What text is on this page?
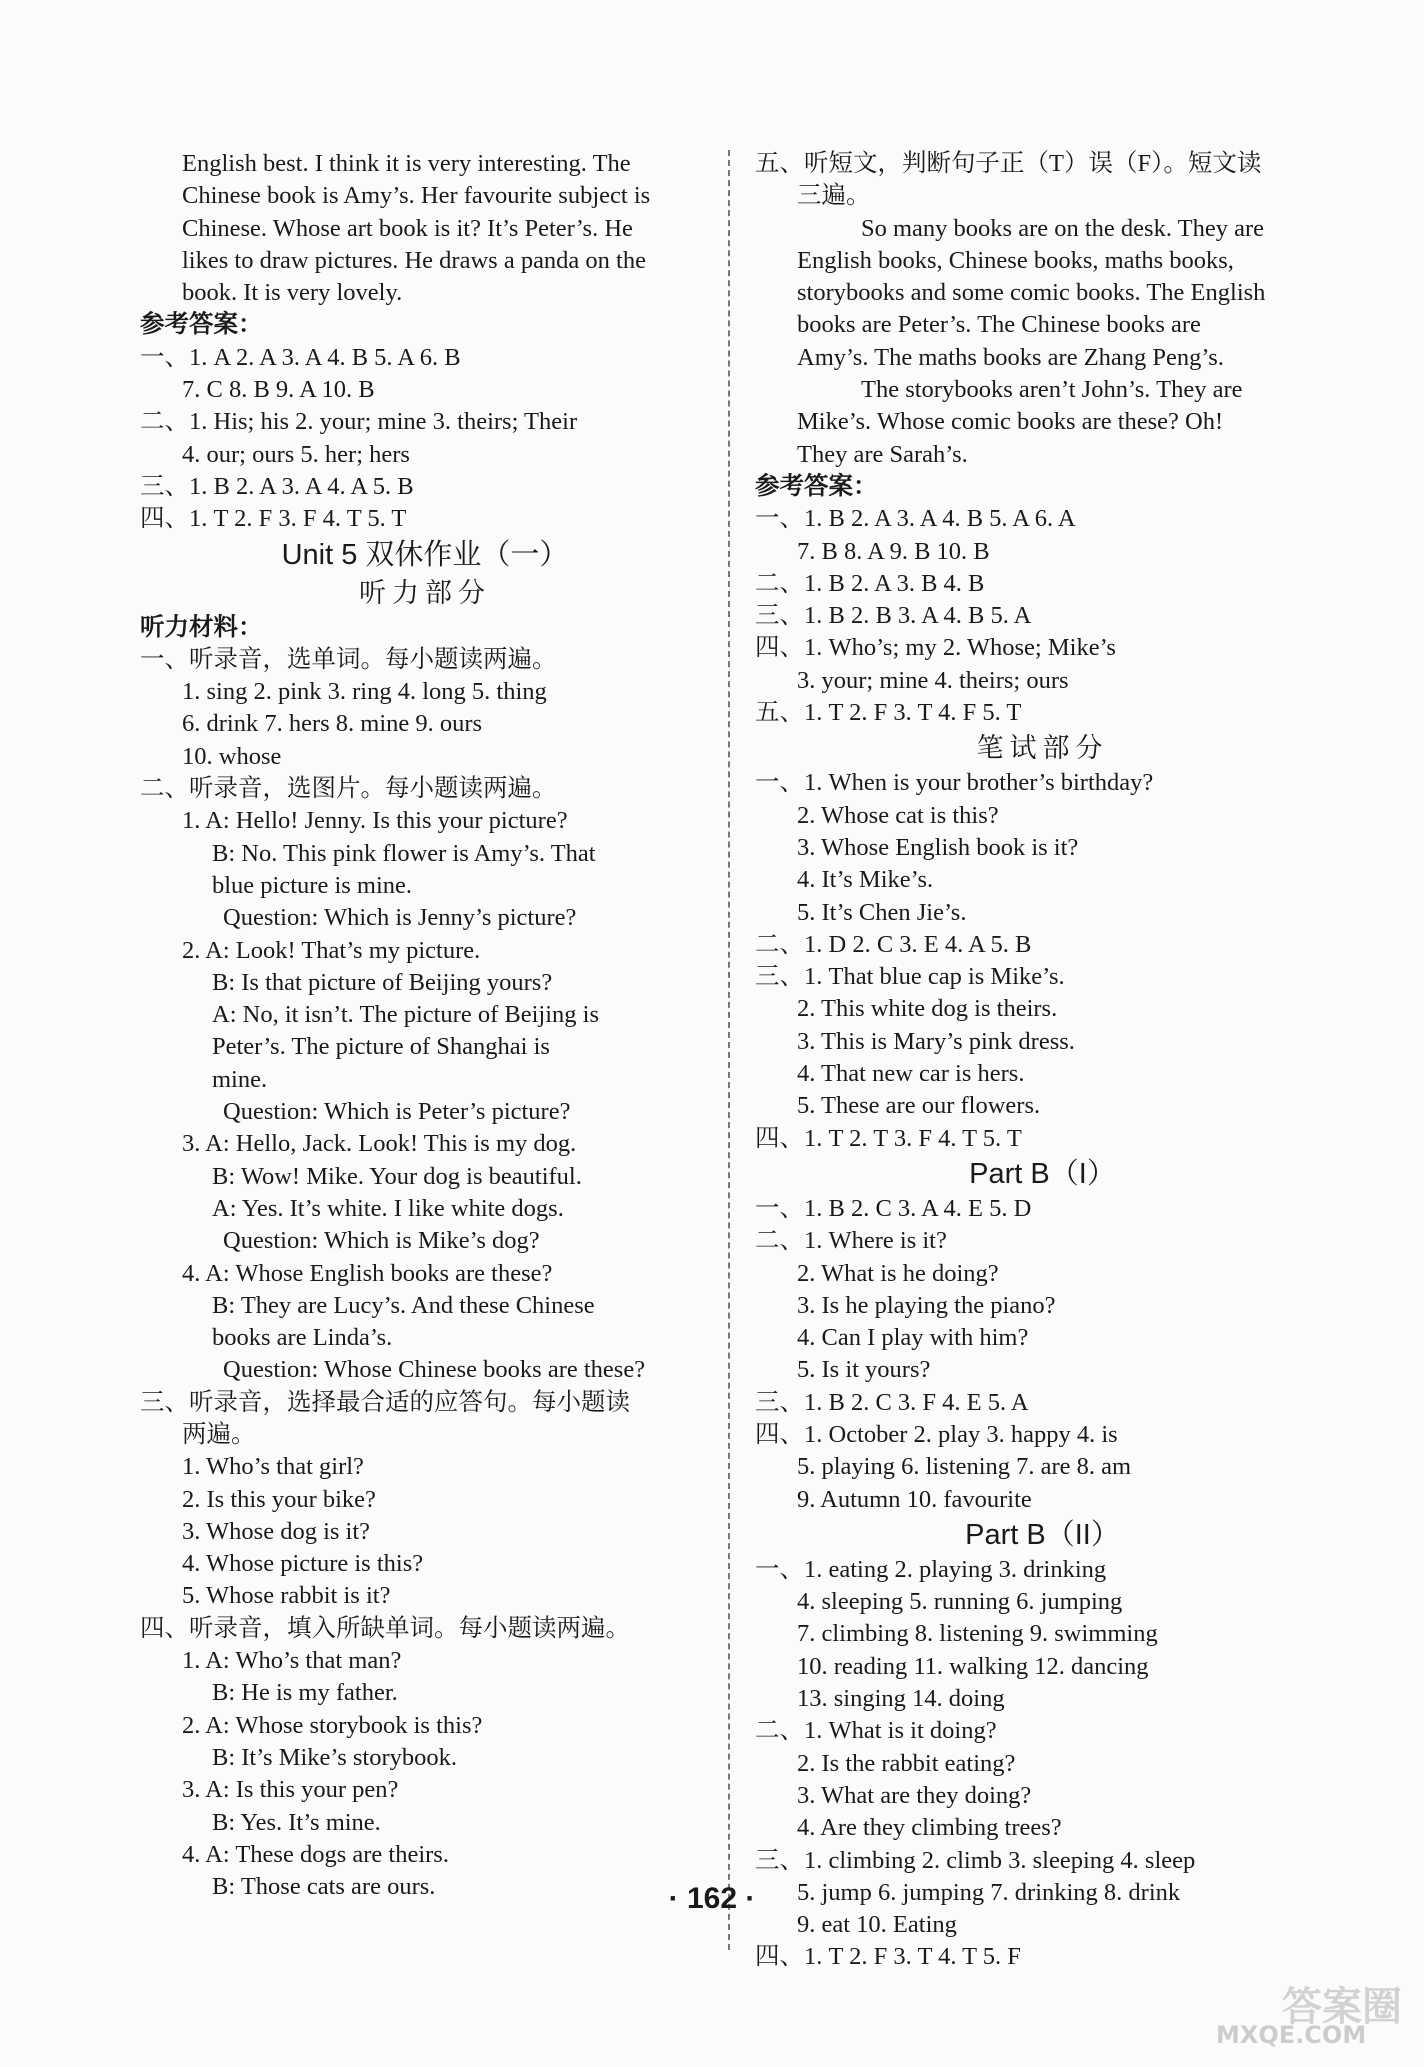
English best. I think it is very interesting. The
Chinese book is Amy’s. Her favourite subject is
Chinese. Whose art book is it? It’s Peter’s. He
likes to draw pictures. He draws a panda on the
book. It is very lovely.
参考答案：
一、1. A 2. A 3. A 4. B 5. A 6. B
7. C 8. B 9. A 10. B
二、1. His; his 2. your; mine 3. theirs; Their
4. our; ours 5. her; hers
三、1. B 2. A 3. A 4. A 5. B
四、1. T 2. F 3. F 4. T 5. T
Unit 5 双休作业（一）
听力部分
听力材料：
一、听录音，选单词。每小题读两遍。
1. sing 2. pink 3. ring 4. long 5. thing
6. drink 7. hers 8. mine 9. ours
10. whose
二、听录音，选图片。每小题读两遍。
1. A: Hello! Jenny. Is this your picture?
B: No. This pink flower is Amy’s. That
blue picture is mine.
Question: Which is Jenny’s picture?
2. A: Look! That’s my picture.
B: Is that picture of Beijing yours?
A: No, it isn’t. The picture of Beijing is
Peter’s. The picture of Shanghai is
mine.
Question: Which is Peter’s picture?
3. A: Hello, Jack. Look! This is my dog.
B: Wow! Mike. Your dog is beautiful.
A: Yes. It’s white. I like white dogs.
Question: Which is Mike’s dog?
4. A: Whose English books are these?
B: They are Lucy’s. And these Chinese
books are Linda’s.
Question: Whose Chinese books are these?
三、听录音，选择最合适的应答句。每小题读
两遍。
1. Who’s that girl?
2. Is this your bike?
3. Whose dog is it?
4. Whose picture is this?
5. Whose rabbit is it?
四、听录音，填入所缺单词。每小题读两遍。
1. A: Who’s that man?
B: He is my father.
2. A: Whose storybook is this?
B: It’s Mike’s storybook.
3. A: Is this your pen?
B: Yes. It’s mine.
4. A: These dogs are theirs.
B: Those cats are ours.
五、听短文，判断句子正（T）误（F）。短文读
三遍。
So many books are on the desk. They are
English books, Chinese books, maths books,
storybooks and some comic books. The English
books are Peter’s. The Chinese books are
Amy’s. The maths books are Zhang Peng’s.
The storybooks aren’t John’s. They are
Mike’s. Whose comic books are these? Oh!
They are Sarah’s.
参考答案：
一、1. B 2. A 3. A 4. B 5. A 6. A
7. B 8. A 9. B 10. B
二、1. B 2. A 3. B 4. B
三、1. B 2. B 3. A 4. B 5. A
四、1. Who’s; my 2. Whose; Mike’s
3. your; mine 4. theirs; ours
五、1. T 2. F 3. T 4. F 5. T
笔试部分
一、1. When is your brother’s birthday?
2. Whose cat is this?
3. Whose English book is it?
4. It’s Mike’s.
5. It’s Chen Jie’s.
二、1. D 2. C 3. E 4. A 5. B
三、1. That blue cap is Mike’s.
2. This white dog is theirs.
3. This is Mary’s pink dress.
4. That new car is hers.
5. These are our flowers.
四、1. T 2. T 3. F 4. T 5. T
Part B（I）
一、1. B 2. C 3. A 4. E 5. D
二、1. Where is it?
2. What is he doing?
3. Is he playing the piano?
4. Can I play with him?
5. Is it yours?
三、1. B 2. C 3. F 4. E 5. A
四、1. October 2. play 3. happy 4. is
5. playing 6. listening 7. are 8. am
9. Autumn 10. favourite
Part B（II）
一、1. eating 2. playing 3. drinking
4. sleeping 5. running 6. jumping
7. climbing 8. listening 9. swimming
10. reading 11. walking 12. dancing
13. singing 14. doing
二、1. What is it doing?
2. Is the rabbit eating?
3. What are they doing?
4. Are they climbing trees?
三、1. climbing 2. climb 3. sleeping 4. sleep
5. jump 6. jumping 7. drinking 8. drink
9. eat 10. Eating
四、1. T 2. F 3. T 4. T 5. F
· 162 ·
答案圈
MXQE.COM
